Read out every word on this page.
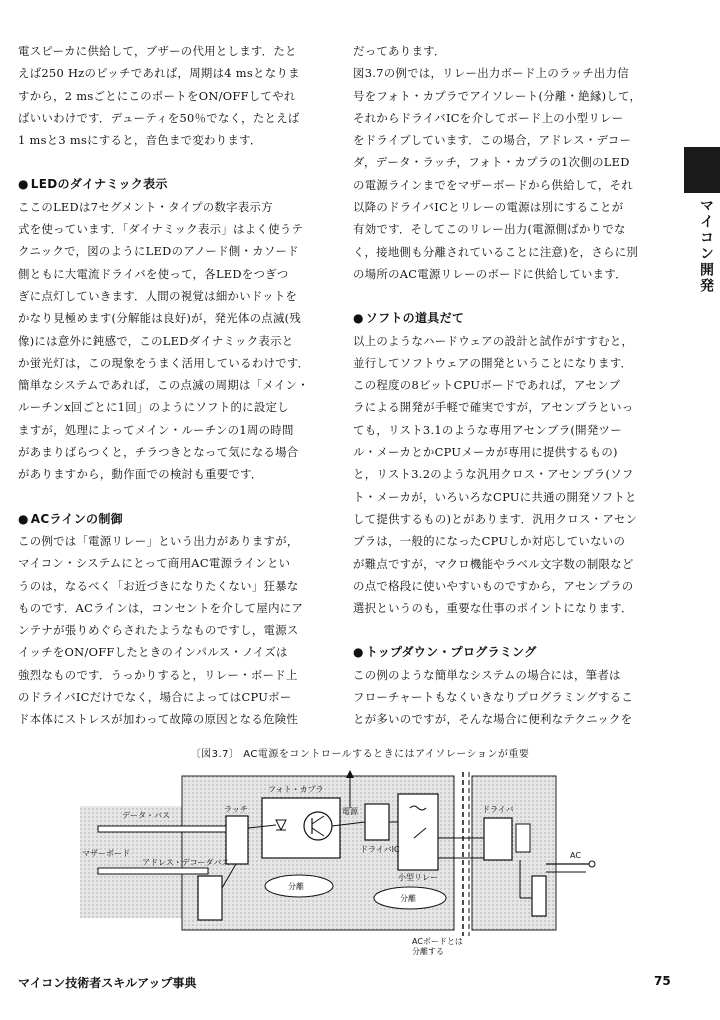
電スピーカに供給して，ブザーの代用とします．たと

えば250 Hzのピッチであれば，周期は4 msとなりま

すから，2 msごとにこのポートをON/OFFしてやれ

ばいいわけです．デューティを50％でなく，たとえば

1 msと3 msにすると，音色まで変わります．

● LEDのダイナミック表示

ここのLEDは7セグメント・タイプの数字表示方

式を使っています．「ダイナミック表示」はよく使うテ

クニックで，図のようにLEDのアノード側・カソード

側ともに大電流ドライバを使って，各LEDをつぎつ

ぎに点灯していきます．人間の視覚は細かいドットを

かなり見極めます(分解能は良好)が，発光体の点滅(残

像)には意外に鈍感で，このLEDダイナミック表示と

か蛍光灯は，この現象をうまく活用しているわけです．

簡単なシステムであれば，この点滅の周期は「メイン・

ルーチンx回ごとに1回」のようにソフト的に設定し

ますが，処理によってメイン・ルーチンの1周の時間

があまりばらつくと，チラつきとなって気になる場合

がありますから，動作面での検討も重要です．

● ACラインの制御

この例では「電源リレー」という出力がありますが，

マイコン・システムにとって商用AC電源ラインとい

うのは，なるべく「お近づきになりたくない」狂暴な

ものです．ACラインは，コンセントを介して屋内にア

ンテナが張りめぐらされたようなものですし，電源ス

イッチをON/OFFしたときのインパルス・ノイズは

強烈なものです．うっかりすると，リレー・ボード上

のドライバICだけでなく，場合によってはCPUボー

ド本体にストレスが加わって故障の原因となる危険性

だってあります．

図3.7の例では，リレー出力ボード上のラッチ出力信

号をフォト・カプラでアイソレート(分離・絶縁)して，

それからドライバICを介してボード上の小型リレー

をドライブしています．この場合，アドレス・デコー

ダ，データ・ラッチ，フォト・カプラの1次側のLED

の電源ラインまでをマザーボードから供給して，それ

以降のドライバICとリレーの電源は別にすることが

有効です．そしてこのリレー出力(電源側ばかりでな

く，接地側も分離されていることに注意)を，さらに別

の場所のAC電源リレーのボードに供給しています．

● ソフトの道具だて

以上のようなハードウェアの設計と試作がすすむと，

並行してソフトウェアの開発ということになります．

この程度の8ビットCPUボードであれば，アセンブ

ラによる開発が手軽で確実ですが，アセンブラといっ

ても，リスト3.1のような専用アセンブラ(開発ツー

ル・メーカとかCPUメーカが専用に提供するもの)

と，リスト3.2のような汎用クロス・アセンブラ(ソフ

ト・メーカが，いろいろなCPUに共通の開発ソフトと

して提供するもの)とがあります．汎用クロス・アセン

ブラは，一般的になったCPUしか対応していないの

が難点ですが，マクロ機能やラベル文字数の制限など

の点で格段に使いやすいものですから，アセンブラの

選択というのも，重要な仕事のポイントになります．

● トップダウン・プログラミング

この例のような簡単なシステムの場合には，筆者は

フローチャートもなくいきなりプログラミングするこ

とが多いのですが，そんな場合に便利なテクニックを

マイコン開発
〔図3.7〕 AC電源をコントロールするときにはアイソレーションが重要
データ・バス
アドレス・デコーダバス
マザーボード
ラッチ
フォト・カプラ
電源
ドライバIC
小型リレー
分離
分離
ドライバ
AC
ACボードとは
分離する
マイコン技術者スキルアップ事典	75
